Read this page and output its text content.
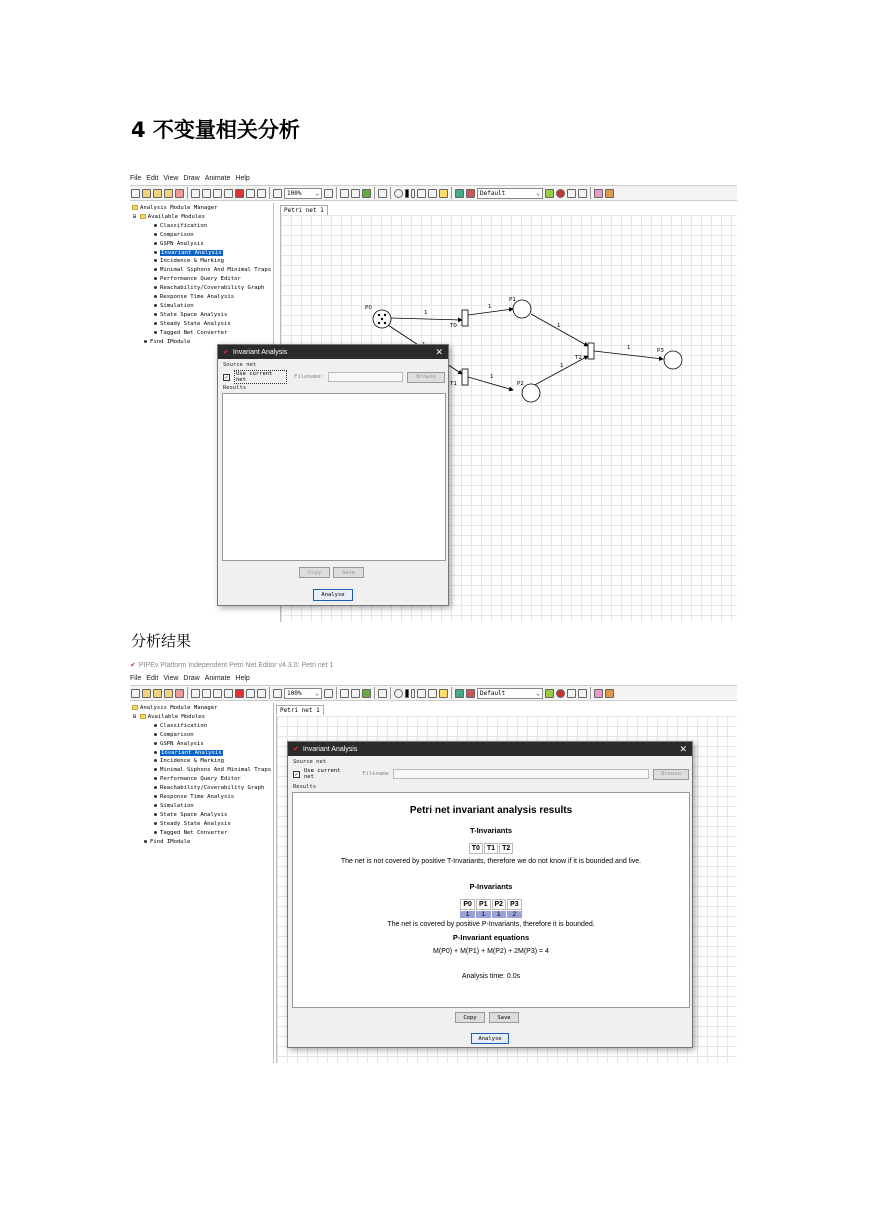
4 不变量相关分析
分析结果
File Edit View Draw Animate Help
100% ⌄	Default	⌄
Analysis Module Manager
⊟ Available Modules
Classification
Comparison
GSPN Analysis
Invariant Analysis
Incidence & Marking
Minimal Siphons And Minimal Traps
Performance Query Editor
Reachability/Coverability Graph
Response Time Analysis
Simulation
State Space Analysis
Steady State Analysis
Tagged Net Converter
Find IModule
Petri net 1
P0
P1
P2
P3
T0
T1
T2
1
1
1
1
1
1
✔ Invariant Analysis	✕
Source net
✓	Use current net	Filename:	Browse
Results
Copy	Save
Analyse
✔ PIPEv Platform Independent Petri Net Editor v4.3.0: Petri net 1
File Edit View Draw Animate Help
100% ⌄	Default	⌄
Analysis Module Manager
⊟ Available Modules
Classification
Comparison
GSPN Analysis
Invariant Analysis
Incidence & Marking
Minimal Siphons And Minimal Traps
Performance Query Editor
Reachability/Coverability Graph
Response Time Analysis
Simulation
State Space Analysis
Steady State Analysis
Tagged Net Converter
Find IModule
Petri net 1
✔ Invariant Analysis	✕
Source net
✓	Use current net	Filename	Browse
Results
Petri net invariant analysis results
T-Invariants
T0	T1	T2
The net is not covered by positive T-Invariants, therefore we do not know if it is bounded and live.
P-Invariants
P0	P1	P2	P3
1	1	1	2
The net is covered by positive P-Invariants, therefore it is bounded.
P-Invariant equations
M(P0) + M(P1) + M(P2) + 2M(P3) = 4
Analysis time: 0.0s
Copy	Save
Analyse
